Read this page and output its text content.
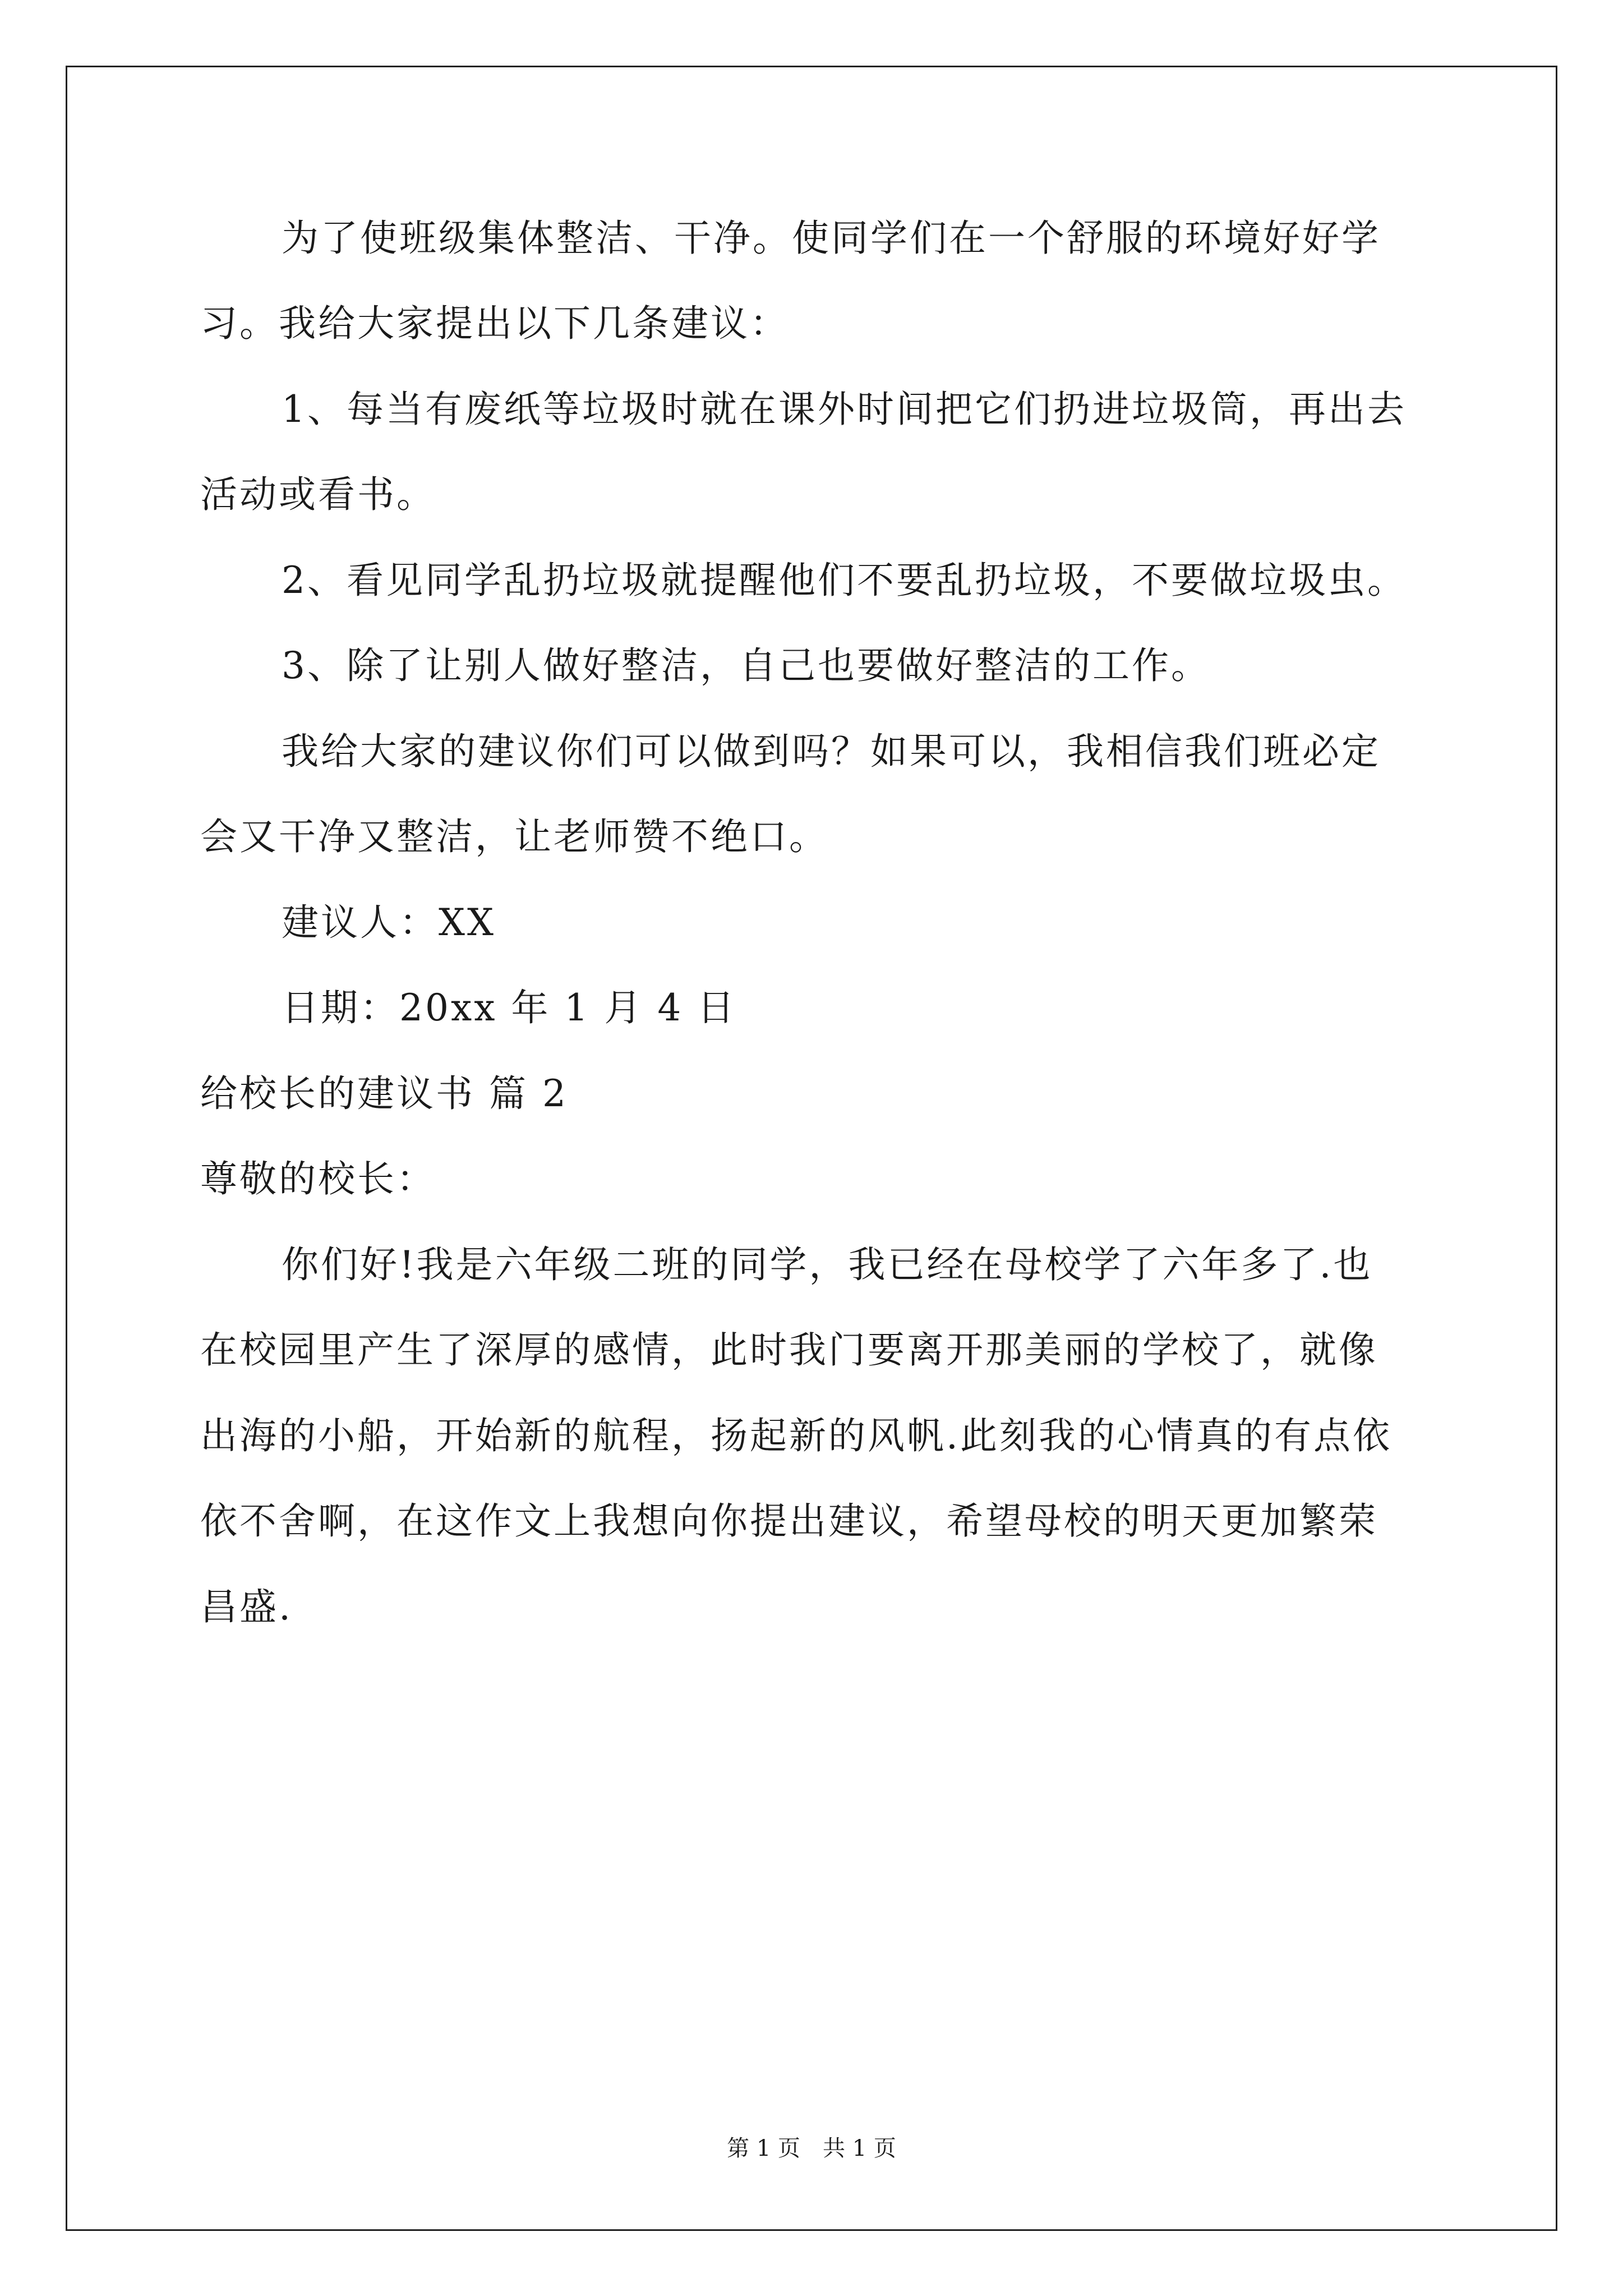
为了使班级集体整洁、干净。使同学们在一个舒服的环境好好学
习。我给大家提出以下几条建议：
1、每当有废纸等垃圾时就在课外时间把它们扔进垃圾筒，再出去
活动或看书。
2、看见同学乱扔垃圾就提醒他们不要乱扔垃圾，不要做垃圾虫。
3、除了让别人做好整洁，自己也要做好整洁的工作。
我给大家的建议你们可以做到吗？如果可以，我相信我们班必定
会又干净又整洁，让老师赞不绝口。
建议人：XX
日期：20xx 年 1 月 4 日
给校长的建议书 篇 2
尊敬的校长：
你们好!我是六年级二班的同学，我已经在母校学了六年多了.也
在校园里产生了深厚的感情，此时我门要离开那美丽的学校了，就像
出海的小船，开始新的航程，扬起新的风帆.此刻我的心情真的有点依
依不舍啊，在这作文上我想向你提出建议，希望母校的明天更加繁荣
昌盛.
第 1 页　共 1 页
